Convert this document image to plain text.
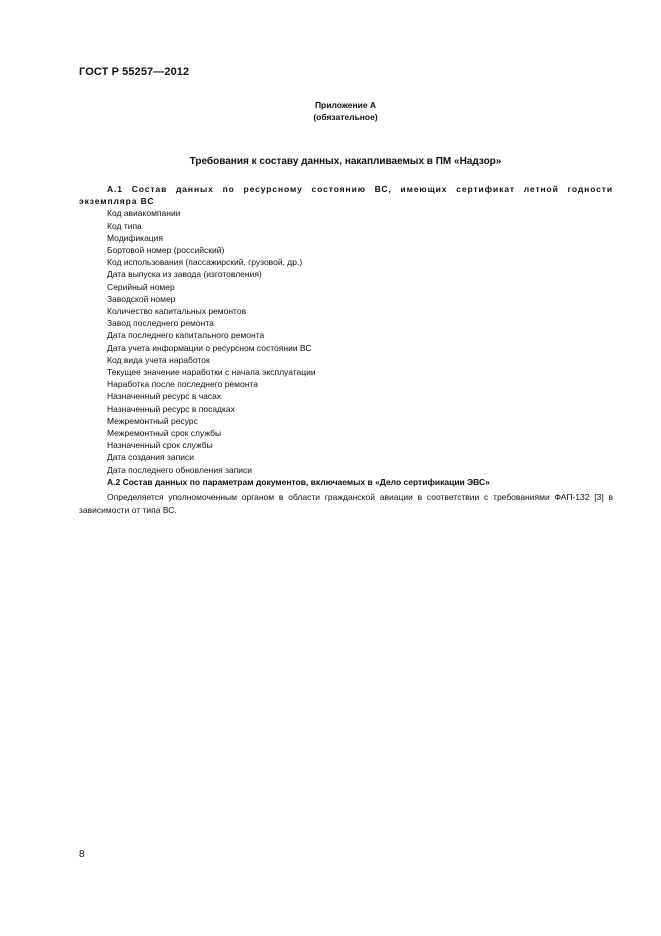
ГОСТ Р 55257—2012
Приложение А
(обязательное)
Требования к составу данных, накапливаемых в ПМ «Надзор»
А.1 Состав данных по ресурсному состоянию ВС, имеющих сертификат летной годности экземпляра ВС
Код авиакомпании
Код типа
Модификация
Бортовой номер (российский)
Код использования (пассажирский, грузовой, др.)
Дата выпуска из завода (изготовления)
Серийный номер
Заводской номер
Количество капитальных ремонтов
Завод последнего ремонта
Дата последнего капитального ремонта
Дата учета информации о ресурсном состоянии ВС
Код вида учета наработок
Текущее значение наработки с начала эксплуатации
Наработка после последнего ремонта
Назначенный ресурс в часах
Назначенный ресурс в посадках
Межремонтный ресурс
Межремонтный срок службы
Назначенный срок службы
Дата создания записи
Дата последнего обновления записи
А.2 Состав данных по параметрам документов, включаемых в «Дело сертификации ЭВС»
Определяется уполномоченным органом в области гражданской авиации в соответствии с требованиями ФАП-132 [3] в зависимости от типа ВС.
8
